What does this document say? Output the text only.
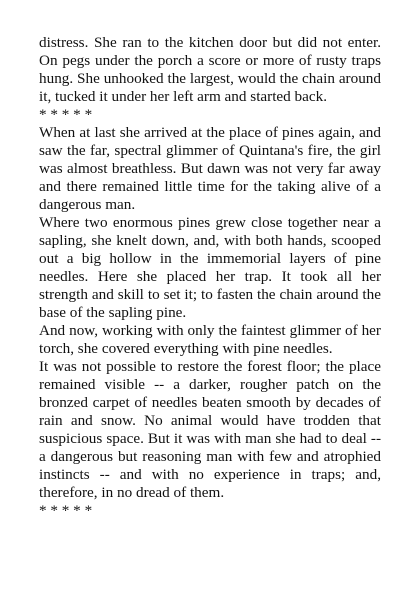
distress. She ran to the kitchen door but did not enter. On pegs under the porch a score or more of rusty traps hung. She unhooked the largest, would the chain around it, tucked it under her left arm and started back.

* * * * *

When at last she arrived at the place of pines again, and saw the far, spectral glimmer of Quintana's fire, the girl was almost breathless. But dawn was not very far away and there remained little time for the taking alive of a dangerous man.

Where two enormous pines grew close together near a sapling, she knelt down, and, with both hands, scooped out a big hollow in the immemorial layers of pine needles. Here she placed her trap. It took all her strength and skill to set it; to fasten the chain around the base of the sapling pine.

And now, working with only the faintest glimmer of her torch, she covered everything with pine needles.

It was not possible to restore the forest floor; the place remained visible -- a darker, rougher patch on the bronzed carpet of needles beaten smooth by decades of rain and snow. No animal would have trodden that suspicious space. But it was with man she had to deal -- a dangerous but reasoning man with few and atrophied instincts -- and with no experience in traps; and, therefore, in no dread of them.

* * * * *
